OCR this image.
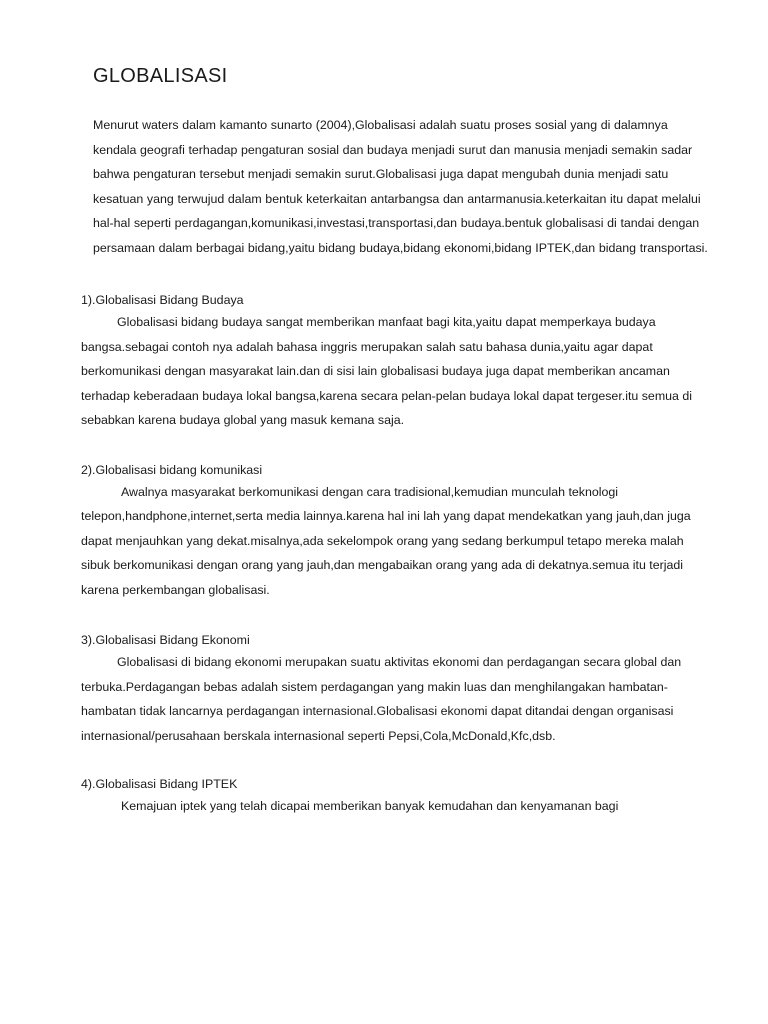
GLOBALISASI

Menurut waters dalam kamanto sunarto (2004),Globalisasi adalah suatu proses sosial yang di dalamnya kendala geografi terhadap pengaturan sosial dan budaya menjadi surut dan manusia menjadi semakin sadar bahwa pengaturan tersebut menjadi semakin surut.Globalisasi juga dapat mengubah dunia menjadi satu kesatuan yang terwujud dalam bentuk keterkaitan antarbangsa dan antarmanusia.keterkaitan itu dapat melalui hal-hal seperti perdagangan,komunikasi,investasi,transportasi,dan budaya.bentuk globalisasi di tandai dengan persamaan dalam berbagai bidang,yaitu bidang budaya,bidang ekonomi,bidang IPTEK,dan bidang transportasi.

1).Globalisasi Bidang Budaya

Globalisasi bidang budaya sangat memberikan manfaat bagi kita,yaitu dapat memperkaya budaya bangsa.sebagai contoh nya adalah bahasa inggris merupakan salah satu bahasa dunia,yaitu agar dapat berkomunikasi dengan masyarakat lain.dan di sisi lain globalisasi budaya juga dapat memberikan ancaman terhadap keberadaan budaya lokal bangsa,karena secara pelan-pelan budaya lokal dapat tergeser.itu semua di sebabkan karena budaya global yang masuk kemana saja.

2).Globalisasi bidang komunikasi

Awalnya masyarakat berkomunikasi dengan cara tradisional,kemudian munculah teknologi telepon,handphone,internet,serta media lainnya.karena hal ini lah yang dapat mendekatkan yang jauh,dan juga dapat menjauhkan yang dekat.misalnya,ada sekelompok orang yang sedang berkumpul tetapo mereka malah sibuk berkomunikasi dengan orang yang jauh,dan mengabaikan orang yang ada di dekatnya.semua itu terjadi karena perkembangan globalisasi.

3).Globalisasi Bidang Ekonomi

Globalisasi di bidang ekonomi merupakan suatu aktivitas ekonomi dan perdagangan secara global dan terbuka.Perdagangan bebas adalah sistem perdagangan yang makin luas dan menghilangakan hambatan-hambatan tidak lancarnya perdagangan internasional.Globalisasi ekonomi dapat ditandai dengan organisasi internasional/perusahaan berskala internasional seperti Pepsi,Cola,McDonald,Kfc,dsb.

4).Globalisasi Bidang IPTEK

Kemajuan iptek yang telah dicapai memberikan banyak kemudahan dan kenyamanan bagi
